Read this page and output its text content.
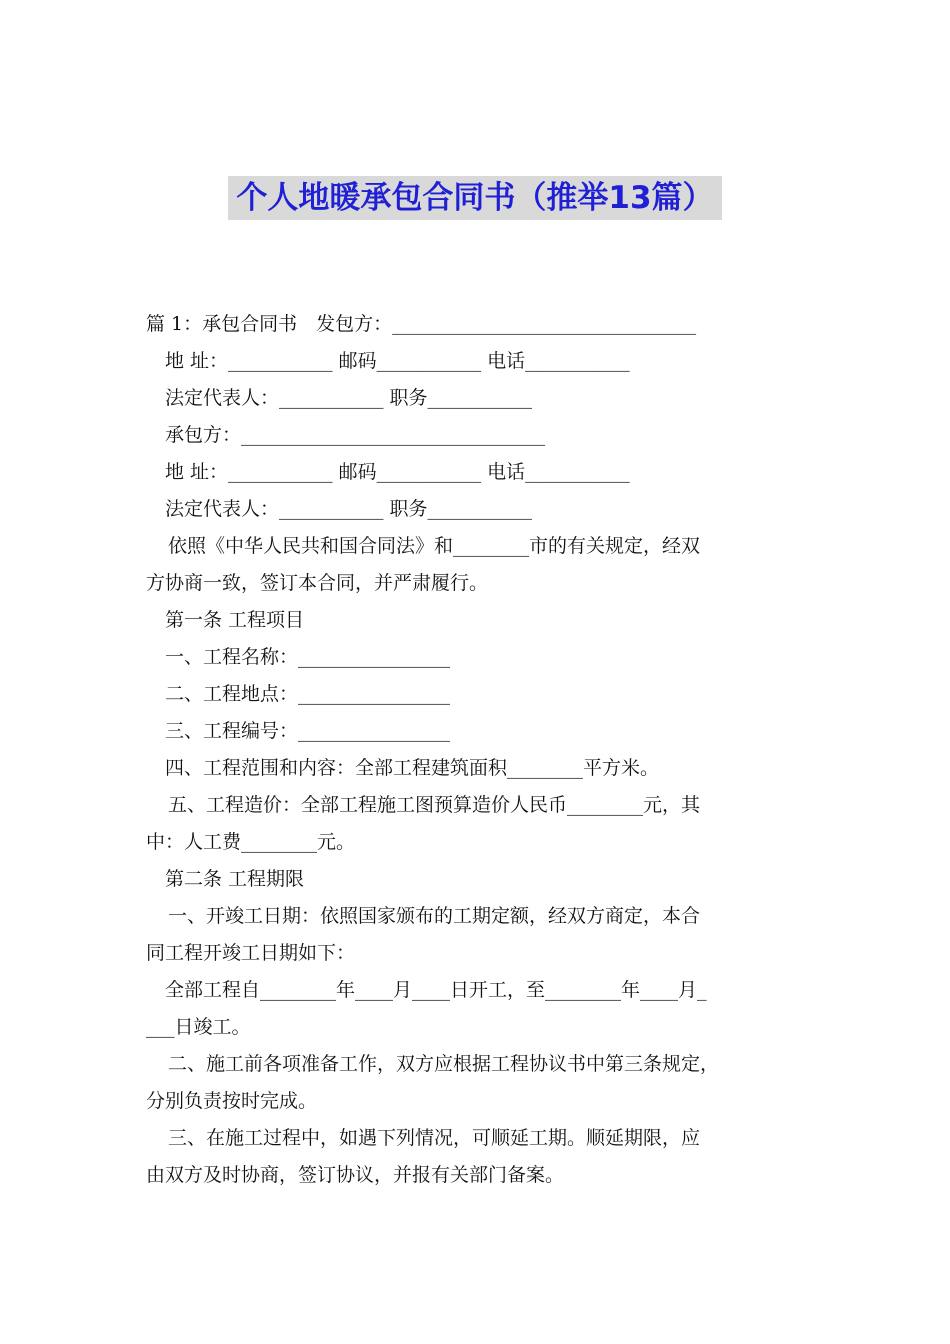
个人地暖承包合同书（推举13篇）
篇 1：承包合同书　发包方：________________________________
地 址：___________ 邮码___________ 电话___________
法定代表人：___________ 职务___________
承包方：________________________________
地 址：___________ 邮码___________ 电话___________
法定代表人：___________ 职务___________
依照《中华人民共和国合同法》和________市的有关规定，经双
方协商一致，签订本合同，并严肃履行。
第一条 工程项目
一、工程名称：________________
二、工程地点：________________
三、工程编号：________________
四、工程范围和内容：全部工程建筑面积________平方米。
五、工程造价：全部工程施工图预算造价人民币________元，其
中：人工费________元。
第二条 工程期限
一、开竣工日期：依照国家颁布的工期定额，经双方商定，本合
同工程开竣工日期如下：
全部工程自________年____月____日开工，至________年____月_
___日竣工。
二、施工前各项准备工作，双方应根据工程协议书中第三条规定，
分别负责按时完成。
三、在施工过程中，如遇下列情况，可顺延工期。顺延期限，应
由双方及时协商，签订协议，并报有关部门备案。
